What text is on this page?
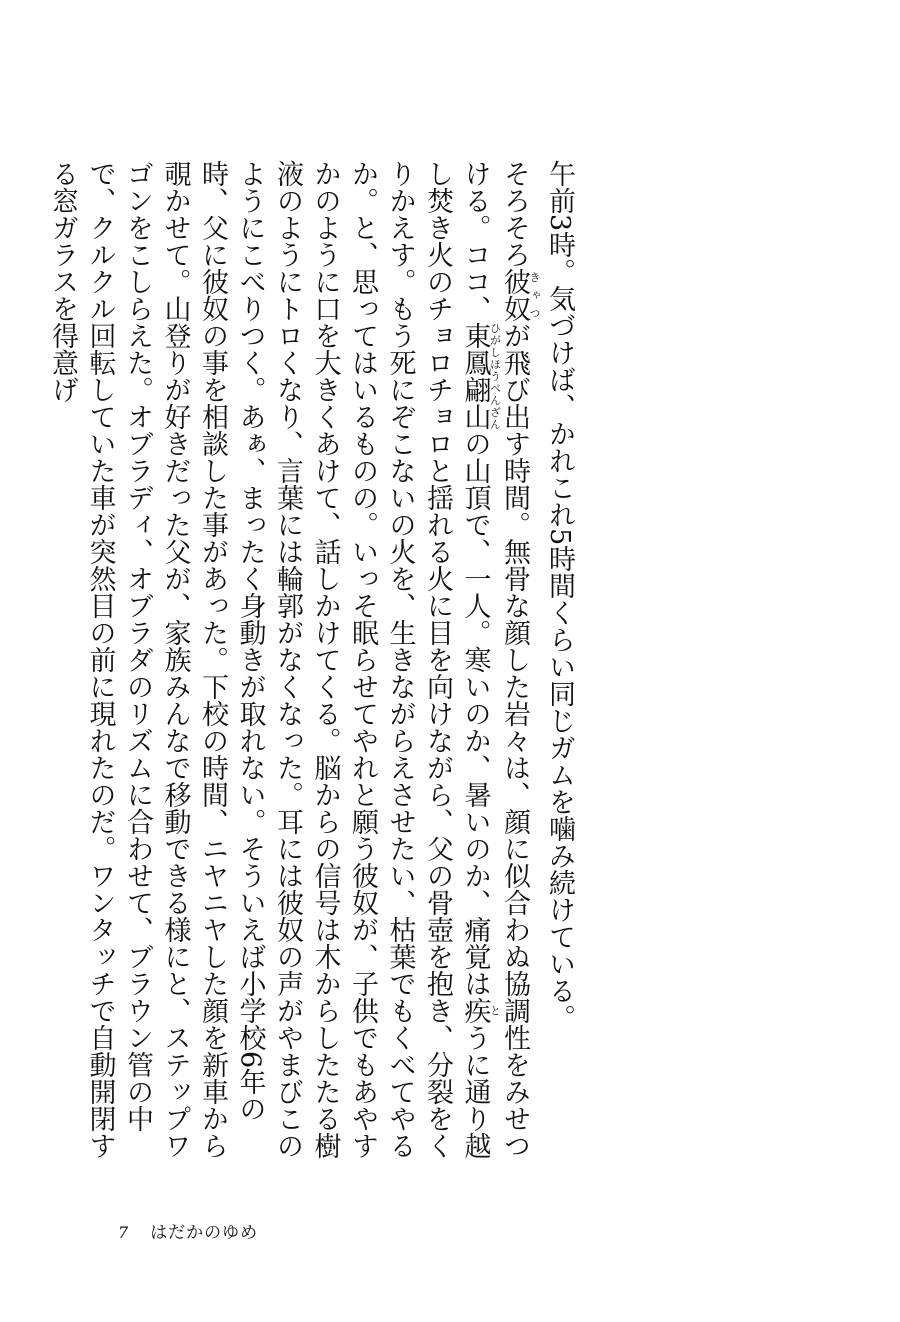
午前3時。気づけば、かれこれ5時間くらい同じガムを噛み続けている。
そろそろ彼奴きゃつが飛び出す時間。無骨な顔した岩々は、顔に似合わぬ協調性をみせつける。ココ、東鳳翩山ひがしほうべんざんの山頂で、一人。寒いのか、暑いのか、痛覚は疾とうに通り越し焚き火のチョロチョロと揺れる火に目を向けながら、父の骨壺を抱き、分裂をくりかえす。もう死にぞこないの火を、生きながらえさせたい、枯葉でもくべてやるか。と、思ってはいるものの。いっそ眠らせてやれと願う彼奴が、子供でもあやすかのように口を大きくあけて、話しかけてくる。脳からの信号は木からしたたる樹液のようにトロくなり、言葉には輪郭がなくなった。耳には彼奴の声がやまびこのようにこべりつく。あぁ、まったく身動きが取れない。そういえば小学校6年の時、父に彼奴の事を相談した事があった。下校の時間、ニヤニヤした顔を新車から覗かせて。山登りが好きだった父が、家族みんなで移動できる様にと、ステップワゴンをこしらえた。オブラディ、オブラダのリズムに合わせて、ブラウン管の中で、クルクル回転していた車が突然目の前に現れたのだ。ワンタッチで自動開閉する窓ガラスを得意げ
7 はだかのゆめ
